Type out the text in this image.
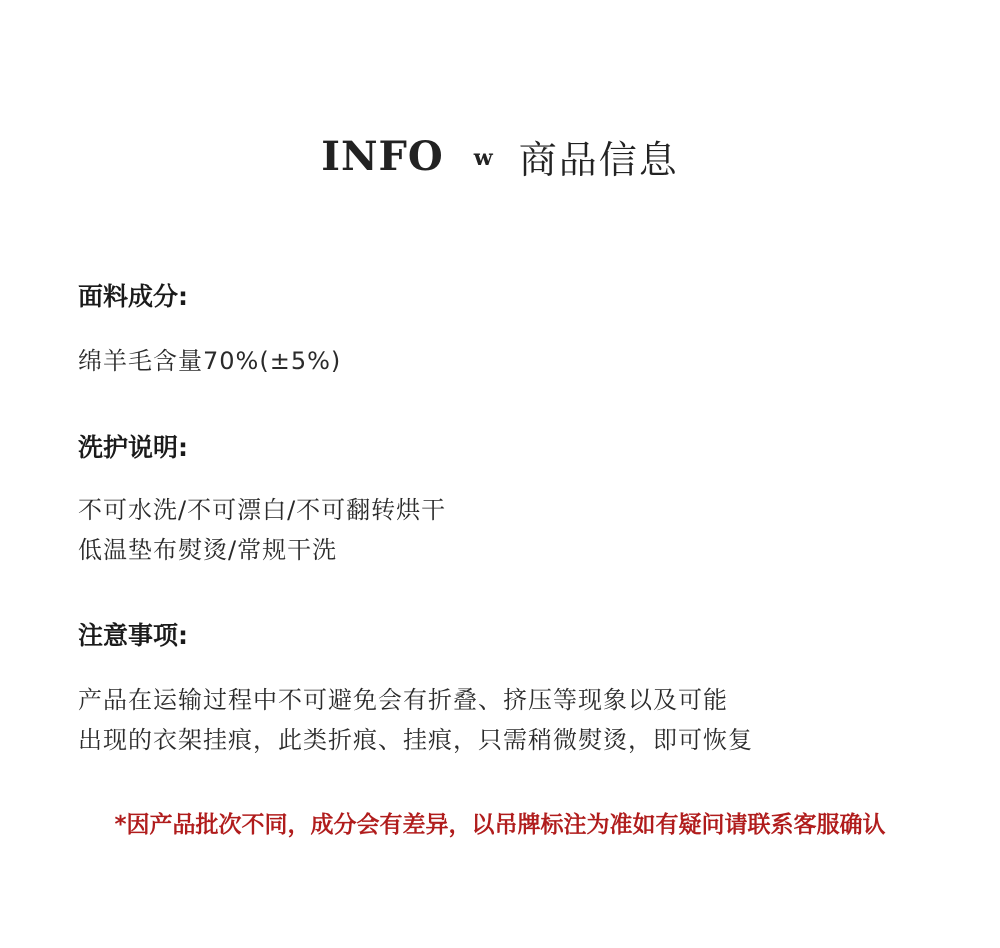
INFO w 商品信息
面料成分:
绵羊毛含量70%(±5%)
洗护说明:
不可水洗/不可漂白/不可翻转烘干
低温垫布熨烫/常规干洗
注意事项:
产品在运输过程中不可避免会有折叠、挤压等现象以及可能
出现的衣架挂痕，此类折痕、挂痕，只需稍微熨烫，即可恢复
*因产品批次不同，成分会有差异，以吊牌标注为准如有疑问请联系客服确认
